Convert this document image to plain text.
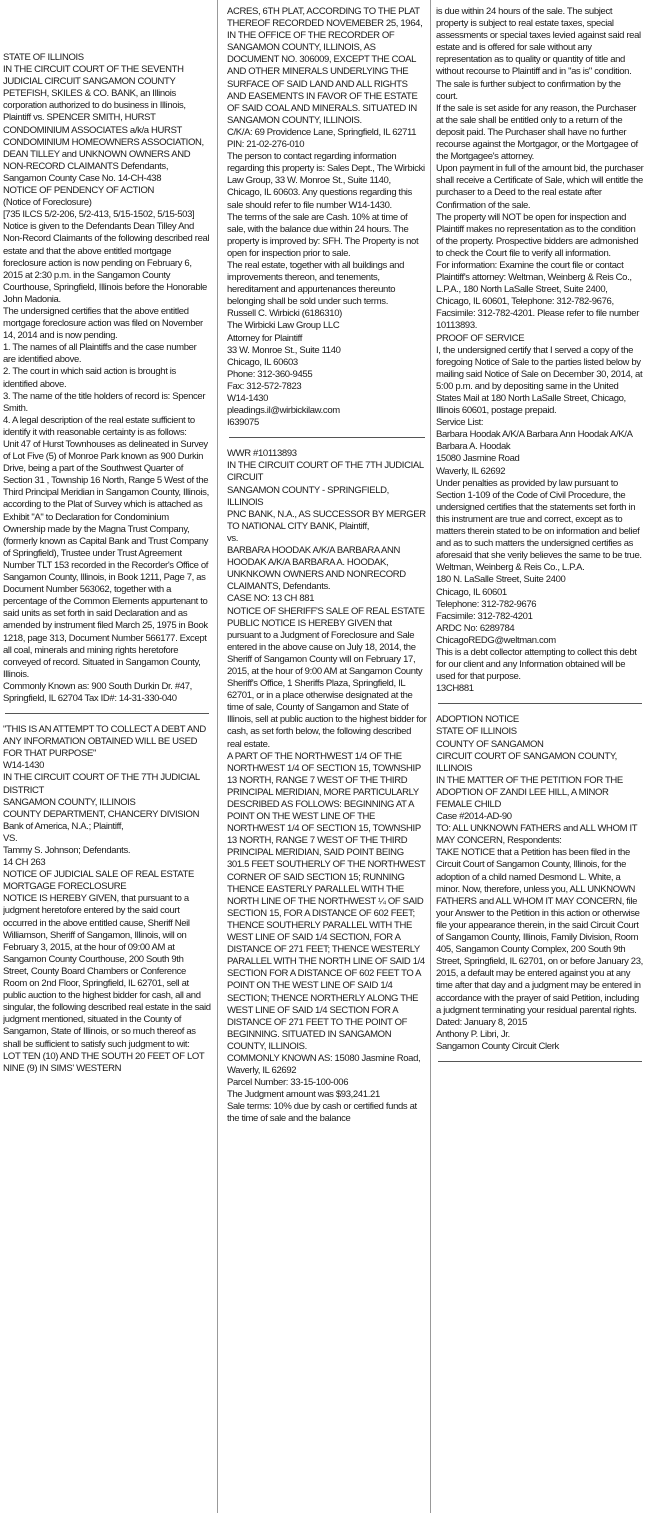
STATE OF ILLINOIS
IN THE CIRCUIT COURT OF THE SEVENTH JUDICIAL CIRCUIT SANGAMON COUNTY
PETEFISH, SKILES & CO. BANK, an Illinois corporation authorized to do business in Illinois, Plaintiff vs. SPENCER SMITH, HURST CONDOMINIUM ASSOCIATES a/k/a HURST CONDOMINIUM HOMEOWNERS ASSOCIATION, DEAN TILLEY and UNKNOWN OWNERS AND NON-RECORD CLAIMANTS Defendants, Sangamon County Case No. 14-CH-438
NOTICE OF PENDENCY OF ACTION
(Notice of Foreclosure)
[735 ILCS 5/2-206, 5/2-413, 5/15-1502, 5/15-503]
Notice is given to the Defendants Dean Tilley And Non-Record Claimants of the following described real estate and that the above entitled mortgage foreclosure action is now pending on February 6, 2015 at 2:30 p.m. in the Sangamon County Courthouse, Springfield, Illinois before the Honorable John Madonia.
The undersigned certifies that the above entitled mortgage foreclosure action was filed on November 14, 2014 and is now pending.
1. The names of all Plaintiffs and the case number are identified above.
2. The court in which said action is brought is identified above.
3. The name of the title holders of record is: Spencer Smith.
4. A legal description of the real estate sufficient to identify it with reasonable certainty is as follows:
Unit 47 of Hurst Townhouses as delineated in Survey of Lot Five (5) of Monroe Park known as 900 Durkin Drive, being a part of the Southwest Quarter of Section 31 , Township 16 North, Range 5 West of the Third Principal Meridian in Sangamon County, Illinois, according to the Plat of Survey which is attached as Exhibit "A" to Declaration for Condominium Ownership made by the Magna Trust Company, (formerly known as Capital Bank and Trust Company of Springfield), Trustee under Trust Agreement Number TLT 153 recorded in the Recorder's Office of Sangamon County, Illinois, in Book 1211, Page 7, as Document Number 563062, together with a percentage of the Common Elements appurtenant to said units as set forth in said Declaration and as amended by instrument filed March 25, 1975 in Book 1218, page 313, Document Number 566177. Except all coal, minerals and mining rights heretofore conveyed of record. Situated in Sangamon County, Illinois.
Commonly Known as: 900 South Durkin Dr. #47, Springfield, IL 62704 Tax ID#: 14-31-330-040

"THIS IS AN ATTEMPT TO COLLECT A DEBT AND ANY INFORMATION OBTAINED WILL BE USED FOR THAT PURPOSE"
W14-1430
IN THE CIRCUIT COURT OF THE 7TH JUDICIAL DISTRICT
SANGAMON COUNTY, ILLINOIS
COUNTY DEPARTMENT, CHANCERY DIVISION
Bank of America, N.A.; Plaintiff,
VS.
Tammy S. Johnson; Defendants.
14 CH 263
NOTICE OF JUDICIAL SALE OF REAL ESTATE
MORTGAGE FORECLOSURE
NOTICE IS HEREBY GIVEN, that pursuant to a judgment heretofore entered by the said court occurred in the above entitled cause, Sheriff Neil Williamson, Sheriff of Sangamon, Illinois, will on February 3, 2015, at the hour of 09:00 AM at Sangamon County Courthouse, 200 South 9th Street, County Board Chambers or Conference Room on 2nd Floor, Springfield, IL 62701, sell at public auction to the highest bidder for cash, all and singular, the following described real estate in the said judgment mentioned, situated in the County of Sangamon, State of Illinois, or so much thereof as shall be sufficient to satisfy such judgment to wit:
LOT TEN (10) AND THE SOUTH 20 FEET OF LOT NINE (9) IN SIMS' WESTERN

ACRES, 6TH PLAT, ACCORDING TO THE PLAT THEREOF RECORDED NOVEMEBER 25, 1964, IN THE OFFICE OF THE RECORDER OF SANGAMON COUNTY, ILLINOIS, AS DOCUMENT NO. 306009, EXCEPT THE COAL AND OTHER MINERALS UNDERLYING THE SURFACE OF SAID LAND AND ALL RIGHTS AND EASEMENTS IN FAVOR OF THE ESTATE OF SAID COAL AND MINERALS. SITUATED IN SANGAMON COUNTY, ILLINOIS.
C/K/A: 69 Providence Lane, Springfield, IL 62711
PIN: 21-02-276-010
The person to contact regarding information regarding this property is: Sales Dept., The Wirbicki Law Group, 33 W. Monroe St., Suite 1140, Chicago, IL 60603. Any questions regarding this sale should refer to file number W14-1430.
The terms of the sale are Cash. 10% at time of sale, with the balance due within 24 hours. The property is improved by: SFH. The Property is not open for inspection prior to sale.
The real estate, together with all buildings and improvements thereon, and tenements, hereditament and appurtenances thereunto belonging shall be sold under such terms.
Russell C. Wirbicki (6186310)
The Wirbicki Law Group LLC
Attorney for Plaintiff
33 W. Monroe St., Suite 1140
Chicago, IL 60603
Phone: 312-360-9455
Fax: 312-572-7823
W14-1430
pleadings.il@wirbickilaw.com
I639075

WWR #10113893
IN THE CIRCUIT COURT OF THE 7TH JUDICIAL CIRCUIT
SANGAMON COUNTY - SPRINGFIELD, ILLINOIS
PNC BANK, N.A., AS SUCCESSOR BY MERGER TO NATIONAL CITY BANK, Plaintiff,
vs.
BARBARA HOODAK A/K/A BARBARA ANN HOODAK A/K/A BARBARA A. HOODAK, UNKNKOWN OWNERS AND NONRECORD CLAIMANTS, Defendants.
CASE NO: 13 CH 881
NOTICE OF SHERIFF'S SALE OF REAL ESTATE
PUBLIC NOTICE IS HEREBY GIVEN that pursuant to a Judgment of Foreclosure and Sale entered in the above cause on July 18, 2014, the Sheriff of Sangamon County will on February 17, 2015, at the hour of 9:00 AM at Sangamon County Sheriff's Office, 1 Sheriffs Plaza, Springfield, IL 62701, or in a place otherwise designated at the time of sale, County of Sangamon and State of Illinois, sell at public auction to the highest bidder for cash, as set forth below, the following described real estate.
A PART OF THE NORTHWEST 1/4 OF THE NORTHWEST 1/4 OF SECTION 15, TOWNSHIP 13 NORTH, RANGE 7 WEST OF THE THIRD PRINCIPAL MERIDIAN, MORE PARTICULARLY DESCRIBED AS FOLLOWS: BEGINNING AT A POINT ON THE WEST LINE OF THE NORTHWEST 1/4 OF SECTION 15, TOWNSHIP 13 NORTH, RANGE 7 WEST OF THE THIRD PRINCIPAL MERIDIAN, SAID POINT BEING 301.5 FEET SOUTHERLY OF THE NORTHWEST CORNER OF SAID SECTION 15; RUNNING THENCE EASTERLY PARALLEL WITH THE NORTH LINE OF THE NORTHWEST ¼ OF SAID SECTION 15, FOR A DISTANCE OF 602 FEET; THENCE SOUTHERLY PARALLEL WITH THE WEST LINE OF SAID 1/4 SECTION, FOR A DISTANCE OF 271 FEET; THENCE WESTERLY PARALLEL WITH THE NORTH LINE OF SAID 1/4 SECTION FOR A DISTANCE OF 602 FEET TO A POINT ON THE WEST LINE OF SAID 1/4 SECTION; THENCE NORTHERLY ALONG THE WEST LINE OF SAID 1/4 SECTION FOR A DISTANCE OF 271 FEET TO THE POINT OF BEGINNING. SITUATED IN SANGAMON COUNTY, ILLINOIS.
COMMONLY KNOWN AS: 15080 Jasmine Road, Waverly, IL 62692
Parcel Number: 33-15-100-006
The Judgment amount was $93,241.21
Sale terms: 10% due by cash or certified funds at the time of sale and the balance

is due within 24 hours of the sale. The subject property is subject to real estate taxes, special assessments or special taxes levied against said real estate and is offered for sale without any representation as to quality or quantity of title and without recourse to Plaintiff and in "as is" condition. The sale is further subject to confirmation by the court.
If the sale is set aside for any reason, the Purchaser at the sale shall be entitled only to a return of the deposit paid. The Purchaser shall have no further recourse against the Mortgagor, or the Mortgagee of the Mortgagee's attorney.
Upon payment in full of the amount bid, the purchaser shall receive a Certificate of Sale, which will entitle the purchaser to a Deed to the real estate after Confirmation of the sale.
The property will NOT be open for inspection and Plaintiff makes no representation as to the condition of the property. Prospective bidders are admonished to check the Court file to verify all information.
For information: Examine the court file or contact Plaintiff's attorney: Weltman, Weinberg & Reis Co., L.P.A., 180 North LaSalle Street, Suite 2400, Chicago, IL 60601, Telephone: 312-782-9676, Facsimile: 312-782-4201. Please refer to file number 10113893.
PROOF OF SERVICE
I, the undersigned certify that I served a copy of the foregoing Notice of Sale to the parties listed below by mailing said Notice of Sale on December 30, 2014, at 5:00 p.m. and by depositing same in the United States Mail at 180 North LaSalle Street, Chicago, Illinois 60601, postage prepaid.
Service List:
Barbara Hoodak A/K/A Barbara Ann Hoodak A/K/A Barbara A. Hoodak
15080 Jasmine Road
Waverly, IL 62692
Under penalties as provided by law pursuant to Section 1-109 of the Code of Civil Procedure, the undersigned certifies that the statements set forth in this instrument are true and correct, except as to matters therein stated to be on information and belief and as to such matters the undersigned certifies as aforesaid that she verily believes the same to be true.
Weltman, Weinberg & Reis Co., L.P.A.
180 N. LaSalle Street, Suite 2400
Chicago, IL 60601
Telephone: 312-782-9676
Facsimile: 312-782-4201
ARDC No: 6289784
ChicagoREDG@weltman.com
This is a debt collector attempting to collect this debt for our client and any Information obtained will be used for that purpose.
13CH881

ADOPTION NOTICE
STATE OF ILLINOIS
COUNTY OF SANGAMON
CIRCUIT COURT OF SANGAMON COUNTY, ILLINOIS
IN THE MATTER OF THE PETITION FOR THE
ADOPTION OF ZANDI LEE HILL, A MINOR FEMALE CHILD
Case #2014-AD-90
TO: ALL UNKNOWN FATHERS and ALL WHOM IT MAY CONCERN, Respondents:
TAKE NOTICE that a Petition has been filed in the Circuit Court of Sangamon County, Illinois, for the adoption of a child named Desmond L. White, a minor. Now, therefore, unless you, ALL UNKNOWN FATHERS and ALL WHOM IT MAY CONCERN, file your Answer to the Petition in this action or otherwise file your appearance therein, in the said Circuit Court of Sangamon County, Illinois, Family Division, Room 405, Sangamon County Complex, 200 South 9th Street, Springfield, IL 62701, on or before January 23, 2015, a default may be entered against you at any time after that day and a judgment may be entered in accordance with the prayer of said Petition, including a judgment terminating your residual parental rights.
Dated: January 8, 2015
Anthony P. Libri, Jr.
Sangamon County Circuit Clerk
